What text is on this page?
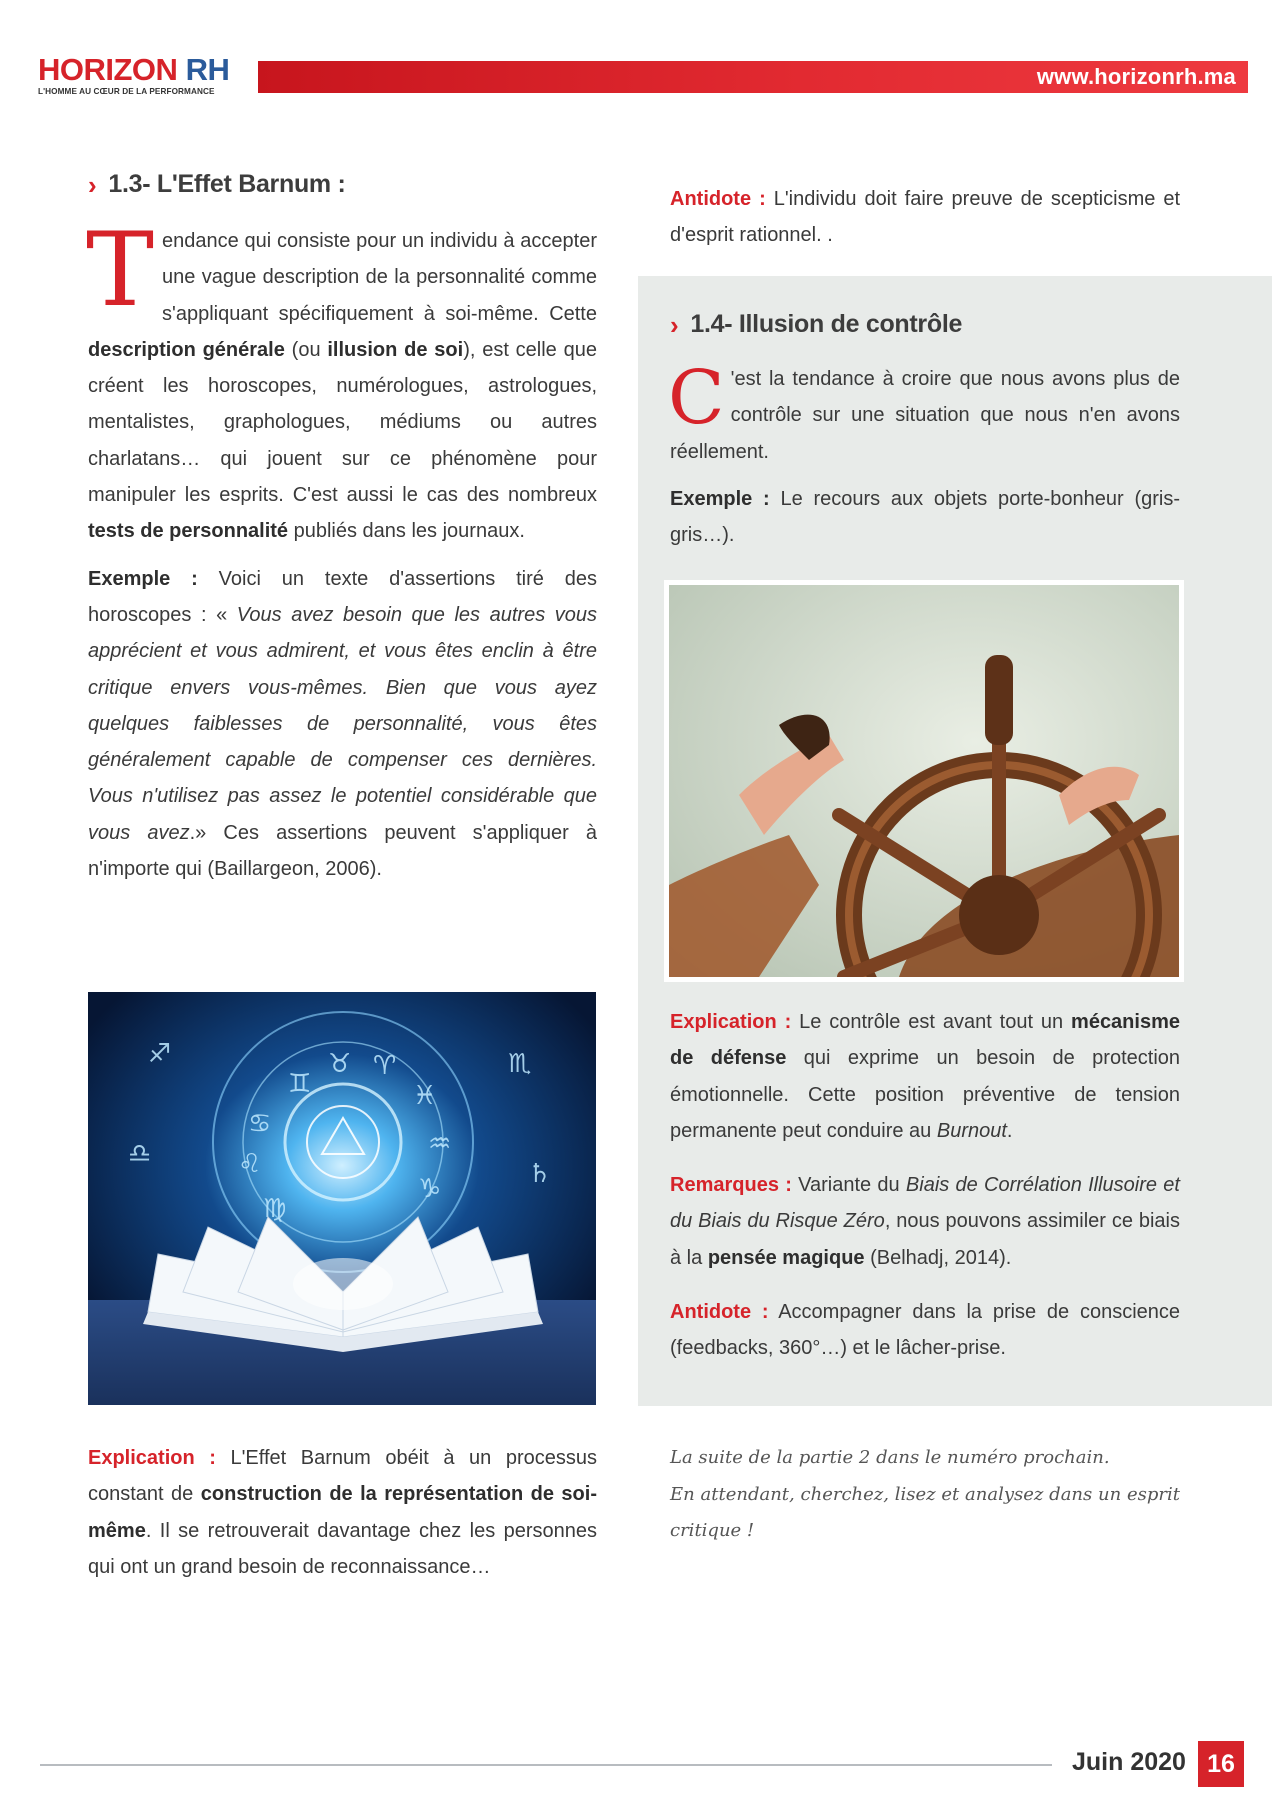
HORIZON RH
L'HOMME AU CŒUR DE LA PERFORMANCE
www.horizonrh.ma
› 1.3- L'Effet Barnum :

T endance qui consiste pour un individu à accepter une vague description de la personnalité comme s'appliquant spécifiquement à soi-même. Cette description générale (ou illusion de soi), est celle que créent les horoscopes, numérologues, astrologues, mentalistes, graphologues, médiums ou autres charlatans… qui jouent sur ce phénomène pour manipuler les esprits. C'est aussi le cas des nombreux tests de personnalité publiés dans les journaux.

Exemple : Voici un texte d'assertions tiré des horoscopes : « Vous avez besoin que les autres vous apprécient et vous admirent, et vous êtes enclin à être critique envers vous-mêmes. Bien que vous ayez quelques faiblesses de personnalité, vous êtes généralement capable de compenser ces dernières. Vous n'utilisez pas assez le potentiel considérable que vous avez.» Ces assertions peuvent s'appliquer à n'importe qui (Baillargeon, 2006).

♊
♉ ♈
♓
♋
♌
♒
♑
♍
♐	♏
♎
♄

Explication : L'Effet Barnum obéit à un processus constant de construction de la représentation de soi-même. Il se retrouverait davantage chez les personnes qui ont un grand besoin de reconnaissance…

Antidote : L'individu doit faire preuve de scepticisme et d'esprit rationnel. .

› 1.4- Illusion de contrôle

C 'est la tendance à croire que nous avons plus de contrôle sur une situation que nous n'en avons réellement.

Exemple : Le recours aux objets porte-bonheur (gris-gris…).

Explication : Le contrôle est avant tout un mécanisme de défense qui exprime un besoin de protection émotionnelle. Cette position préventive de tension permanente peut conduire au Burnout.

Remarques : Variante du Biais de Corrélation Illusoire et du Biais du Risque Zéro, nous pouvons assimiler ce biais à la pensée magique (Belhadj, 2014).

Antidote : Accompagner dans la prise de conscience (feedbacks, 360°…) et le lâcher-prise.

La suite de la partie 2 dans le numéro prochain.
En attendant, cherchez, lisez et analysez dans un esprit critique !
Juin 2020 16
